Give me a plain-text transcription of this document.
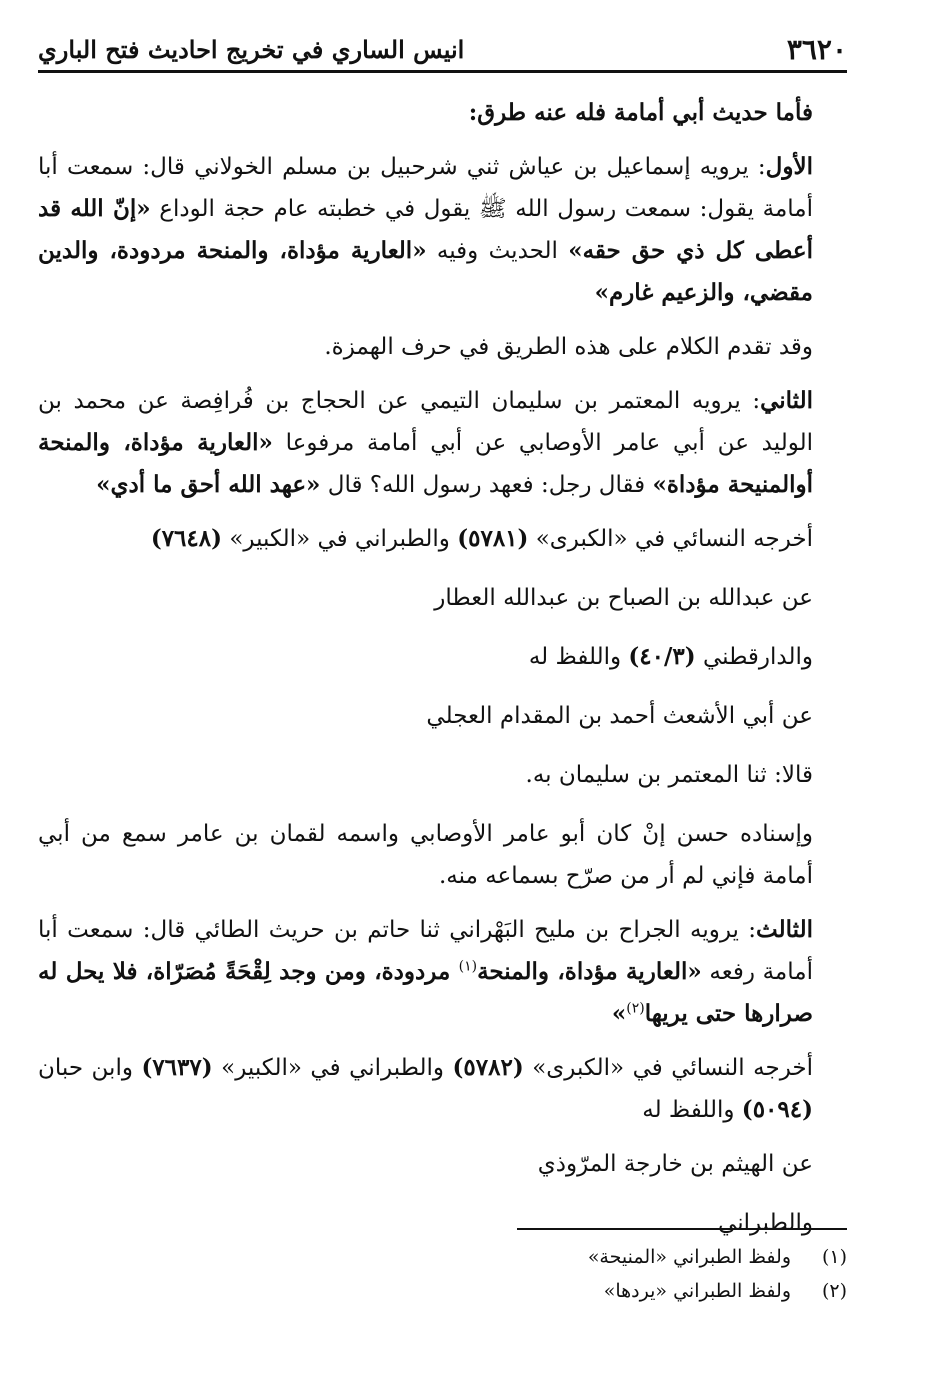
٣٦٢٠
انيس الساري في تخريج احاديث فتح الباري

فأما حديث أبي أمامة فله عنه طرق:

الأول: يرويه إسماعيل بن عياش ثني شرحبيل بن مسلم الخولاني قال: سمعت أبا أمامة يقول: سمعت رسول الله ﷺ يقول في خطبته عام حجة الوداع «إنّ الله قد أعطى كل ذي حق حقه» الحديث وفيه «العارية مؤداة، والمنحة مردودة، والدين مقضي، والزعيم غارم»

وقد تقدم الكلام على هذه الطريق في حرف الهمزة.

الثاني: يرويه المعتمر بن سليمان التيمي عن الحجاج بن فُرافِصة عن محمد بن الوليد عن أبي عامر الأوصابي عن أبي أمامة مرفوعا «العارية مؤداة، والمنحة أوالمنيحة مؤداة» فقال رجل: فعهد رسول الله؟ قال «عهد الله أحق ما أدي»

أخرجه النسائي في «الكبرى» (٥٧٨١) والطبراني في «الكبير» (٧٦٤٨)
عن عبدالله بن الصباح بن عبدالله العطار
والدارقطني (٤٠/٣) واللفظ له
عن أبي الأشعث أحمد بن المقدام العجلي
قالا: ثنا المعتمر بن سليمان به.

وإسناده حسن إنْ كان أبو عامر الأوصابي واسمه لقمان بن عامر سمع من أبي أمامة فإني لم أر من صرّح بسماعه منه.

الثالث: يرويه الجراح بن مليح البَهْراني ثنا حاتم بن حريث الطائي قال: سمعت أبا أمامة رفعه «العارية مؤداة، والمنحة$^{(١)}$ مردودة، ومن وجد لِقْحَةً مُصَرّاة، فلا يحل له صرارها حتى يريها$^{(٢)}$»

أخرجه النسائي في «الكبرى» (٥٧٨٢) والطبراني في «الكبير» (٧٦٣٧) وابن حبان (٥٠٩٤) واللفظ له

عن الهيثم بن خارجة المرّوذي
والطبراني
(١)
ولفظ الطبراني «المنيحة»
(٢)
ولفظ الطبراني «يردها»
